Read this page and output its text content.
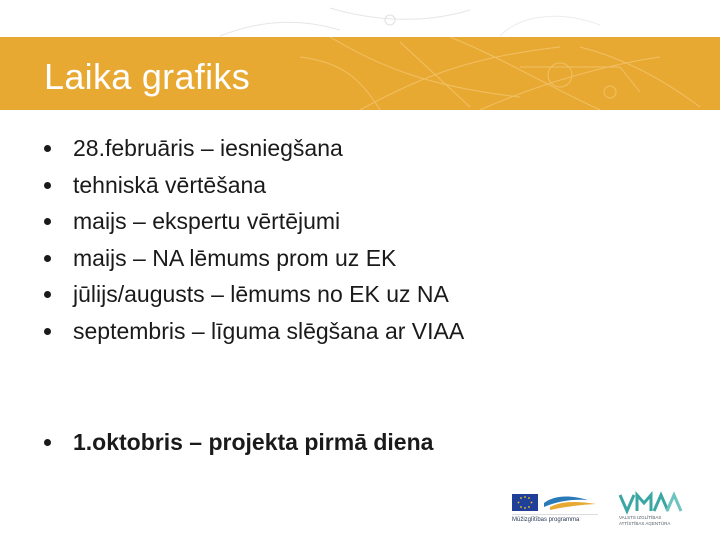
Laika grafiks
28.februāris – iesniegšana
tehniskā vērtēšana
maijs – ekspertu vērtējumi
maijs – NA lēmums prom uz EK
jūlijs/augusts – lēmums no EK uz NA
septembris – līguma slēgšana ar VIAA
1.oktobris – projekta pirmā diena
Mūžizglītības programma	VALSTS IZGLĪTĪBAS ATTĪSTĪBAS AĢENTŪRA
